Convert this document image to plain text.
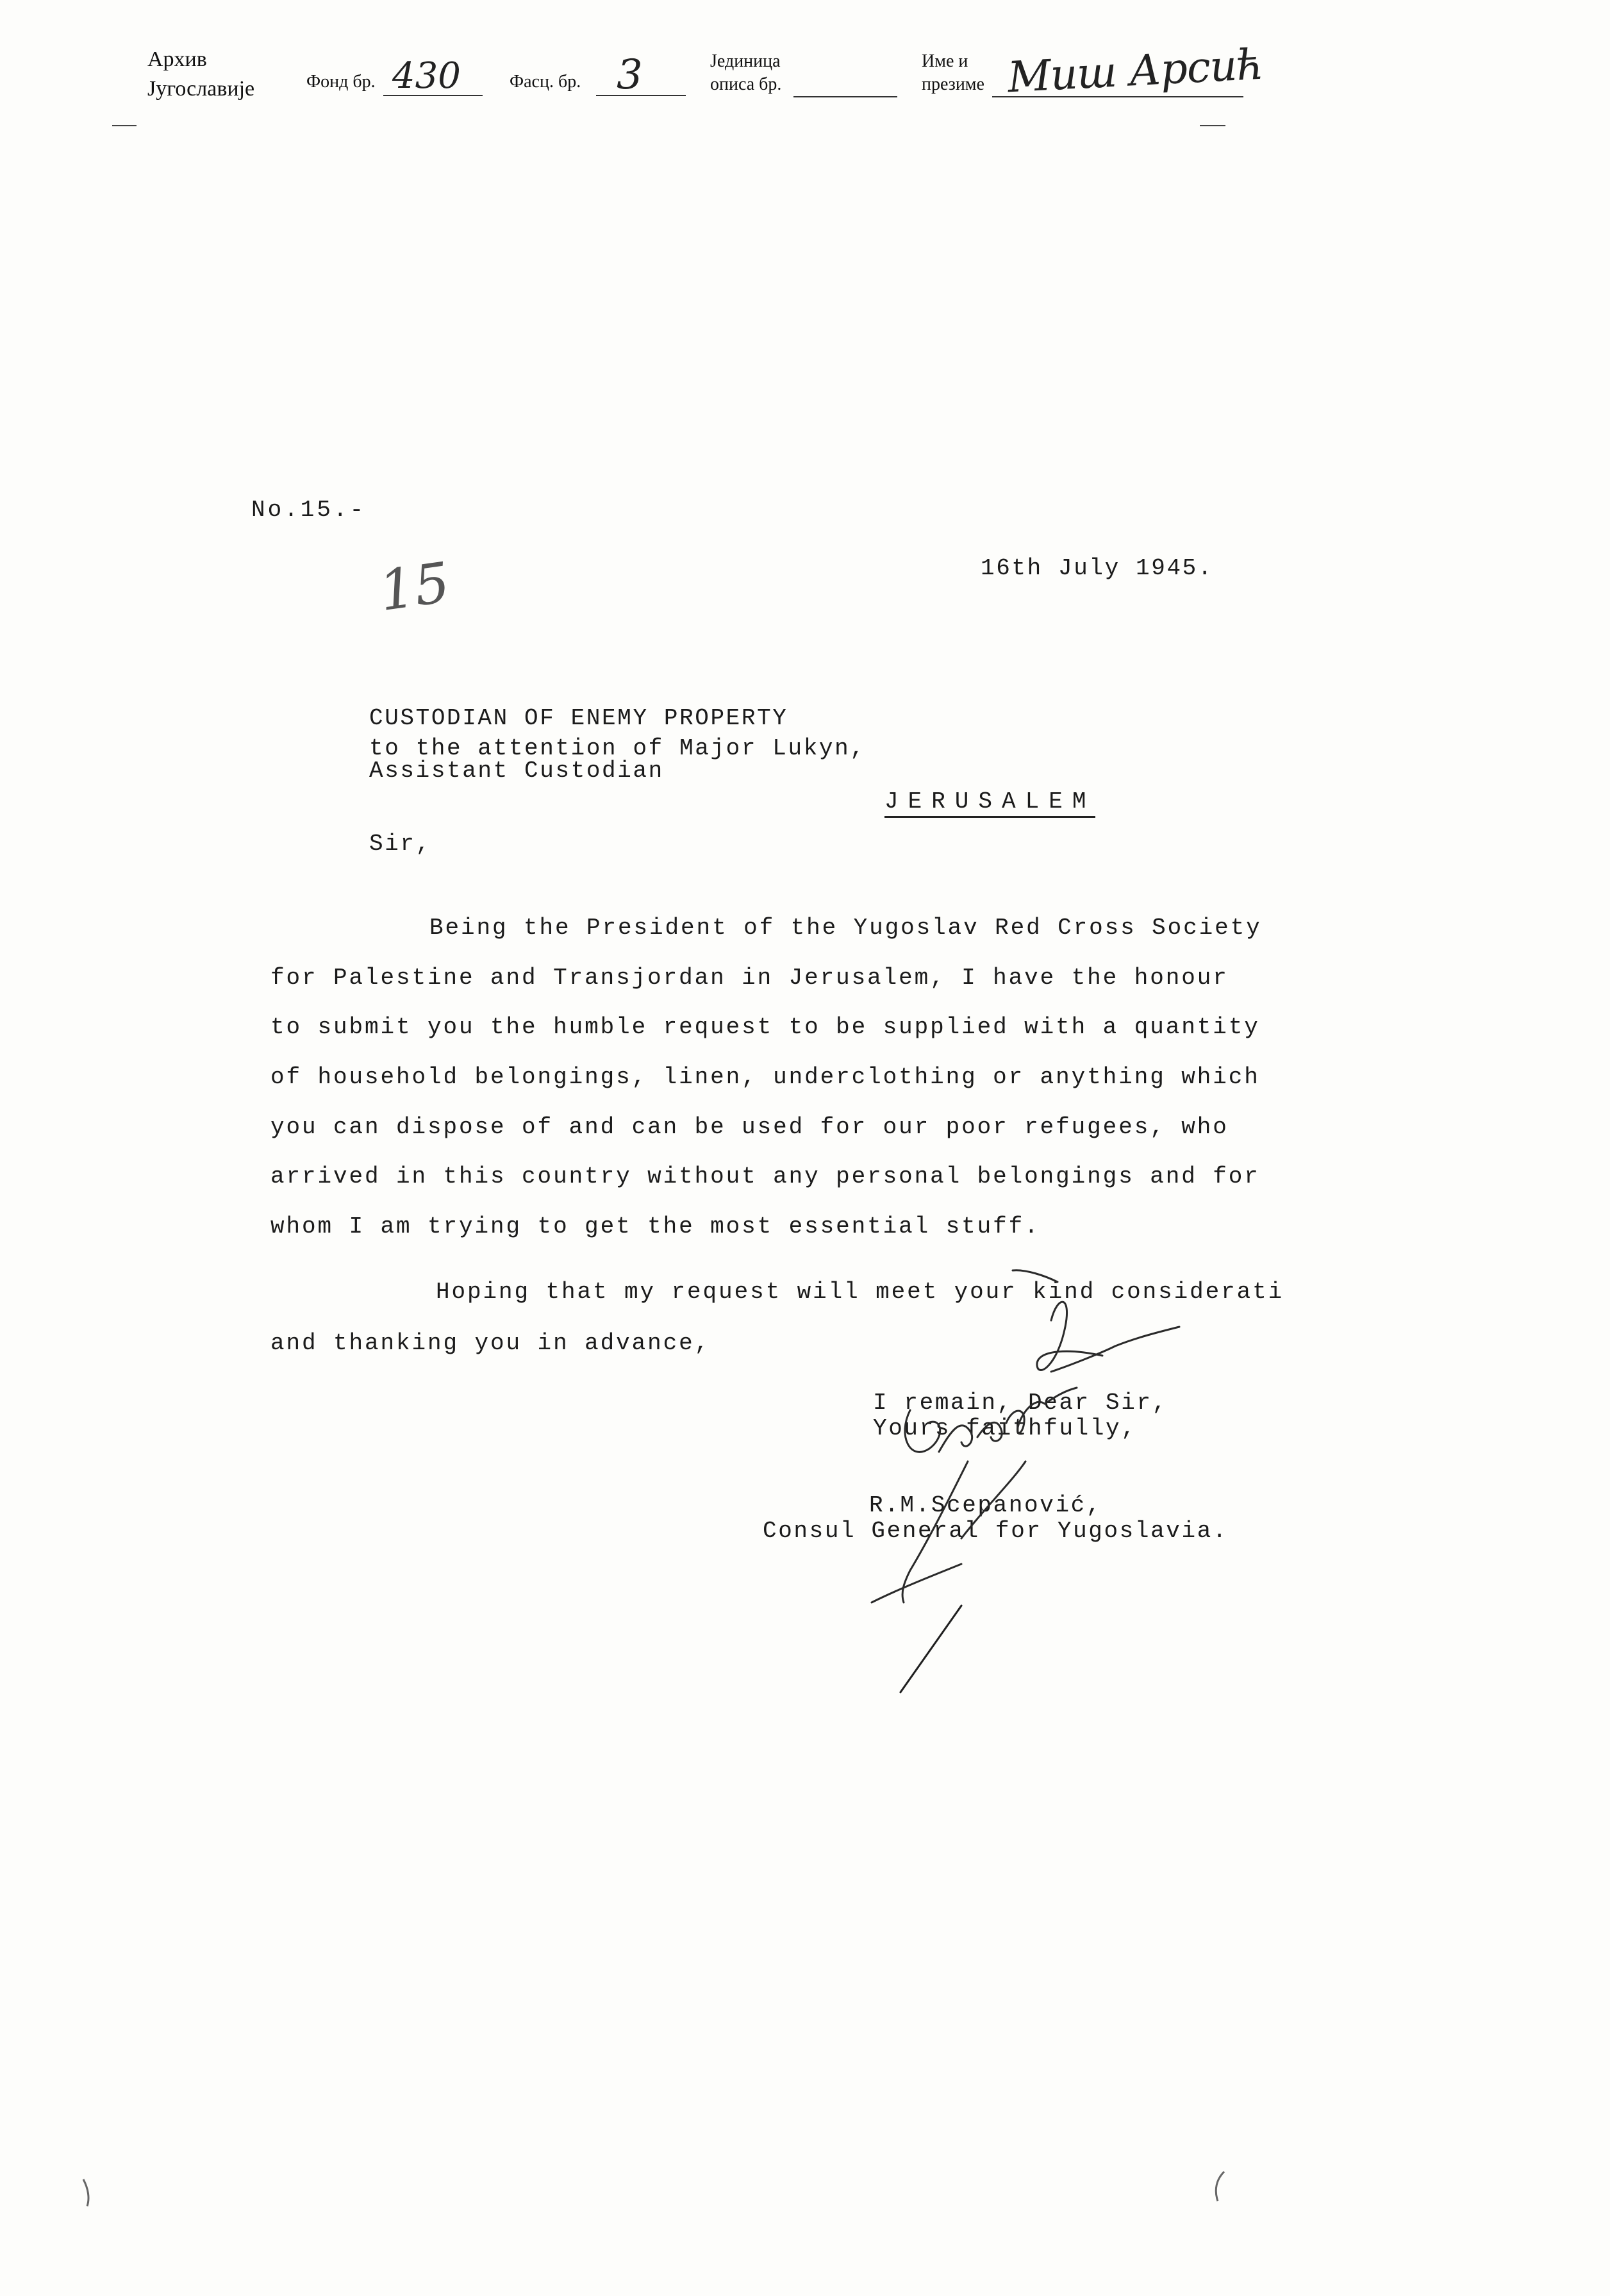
Архив
Југославије	Фонд бр. 430	Фасц. бр. 3	Јединица
описа бр.
Име и
презиме Миш Арсић
No.15.-
16th July 1945.
15
CUSTODIAN OF ENEMY PROPERTY
to the attention of Major Lukyn,
Assistant Custodian
JERUSALEM
Sir,
Being the President of the Yugoslav Red Cross Society
for Palestine and Transjordan in Jerusalem, I have the honour
to submit you the humble request to be supplied with a quantity
of household belongings, linen, underclothing or anything which
you can dispose of and can be used for our poor refugees, who
arrived in this country without any personal belongings and for
whom I am trying to get the most essential stuff.
Hoping that my request will meet your kind considerati
and thanking you in advance,
I remain, Dear Sir,
Yours faithfully,
R.M.Scepanović,
Consul General for Yugoslavia.
